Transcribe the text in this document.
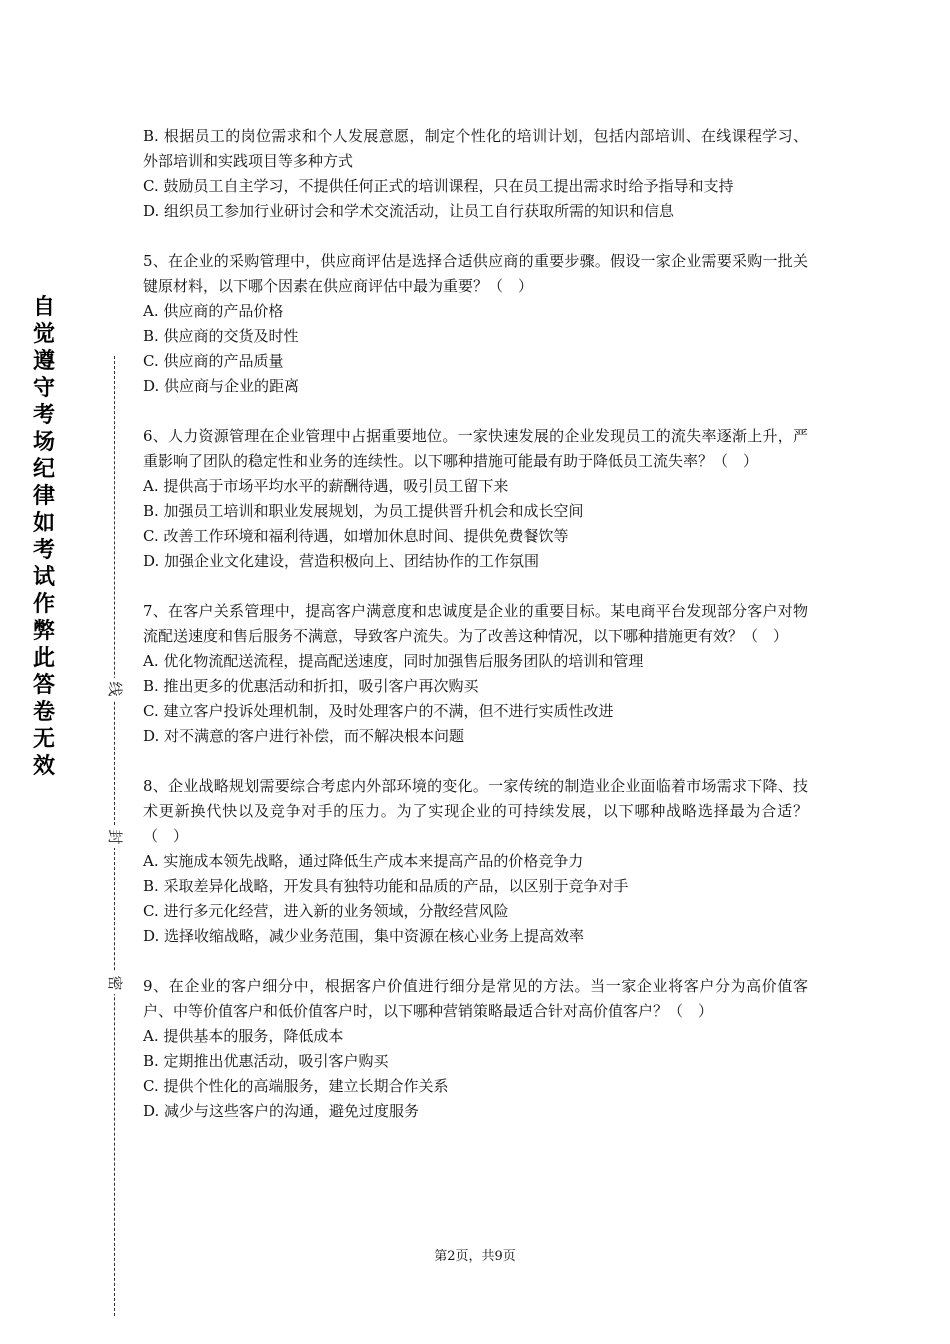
自觉遵守考场纪律如考试作弊此答卷无效
线
封
密
B. 根据员工的岗位需求和个人发展意愿，制定个性化的培训计划，包括内部培训、在线课程学习、外部培训和实践项目等多种方式
C. 鼓励员工自主学习，不提供任何正式的培训课程，只在员工提出需求时给予指导和支持
D. 组织员工参加行业研讨会和学术交流活动，让员工自行获取所需的知识和信息
5、在企业的采购管理中，供应商评估是选择合适供应商的重要步骤。假设一家企业需要采购一批关键原材料，以下哪个因素在供应商评估中最为重要？（　）
A. 供应商的产品价格
B. 供应商的交货及时性
C. 供应商的产品质量
D. 供应商与企业的距离
6、人力资源管理在企业管理中占据重要地位。一家快速发展的企业发现员工的流失率逐渐上升，严重影响了团队的稳定性和业务的连续性。以下哪种措施可能最有助于降低员工流失率？（　）
A. 提供高于市场平均水平的薪酬待遇，吸引员工留下来
B. 加强员工培训和职业发展规划，为员工提供晋升机会和成长空间
C. 改善工作环境和福利待遇，如增加休息时间、提供免费餐饮等
D. 加强企业文化建设，营造积极向上、团结协作的工作氛围
7、在客户关系管理中，提高客户满意度和忠诚度是企业的重要目标。某电商平台发现部分客户对物流配送速度和售后服务不满意，导致客户流失。为了改善这种情况，以下哪种措施更有效？（　）
A. 优化物流配送流程，提高配送速度，同时加强售后服务团队的培训和管理
B. 推出更多的优惠活动和折扣，吸引客户再次购买
C. 建立客户投诉处理机制，及时处理客户的不满，但不进行实质性改进
D. 对不满意的客户进行补偿，而不解决根本问题
8、企业战略规划需要综合考虑内外部环境的变化。一家传统的制造业企业面临着市场需求下降、技术更新换代快以及竞争对手的压力。为了实现企业的可持续发展，以下哪种战略选择最为合适？（　）
A. 实施成本领先战略，通过降低生产成本来提高产品的价格竞争力
B. 采取差异化战略，开发具有独特功能和品质的产品，以区别于竞争对手
C. 进行多元化经营，进入新的业务领域，分散经营风险
D. 选择收缩战略，减少业务范围，集中资源在核心业务上提高效率
9、在企业的客户细分中，根据客户价值进行细分是常见的方法。当一家企业将客户分为高价值客户、中等价值客户和低价值客户时，以下哪种营销策略最适合针对高价值客户？（　）
A. 提供基本的服务，降低成本
B. 定期推出优惠活动，吸引客户购买
C. 提供个性化的高端服务，建立长期合作关系
D. 减少与这些客户的沟通，避免过度服务
第2页，共9页
